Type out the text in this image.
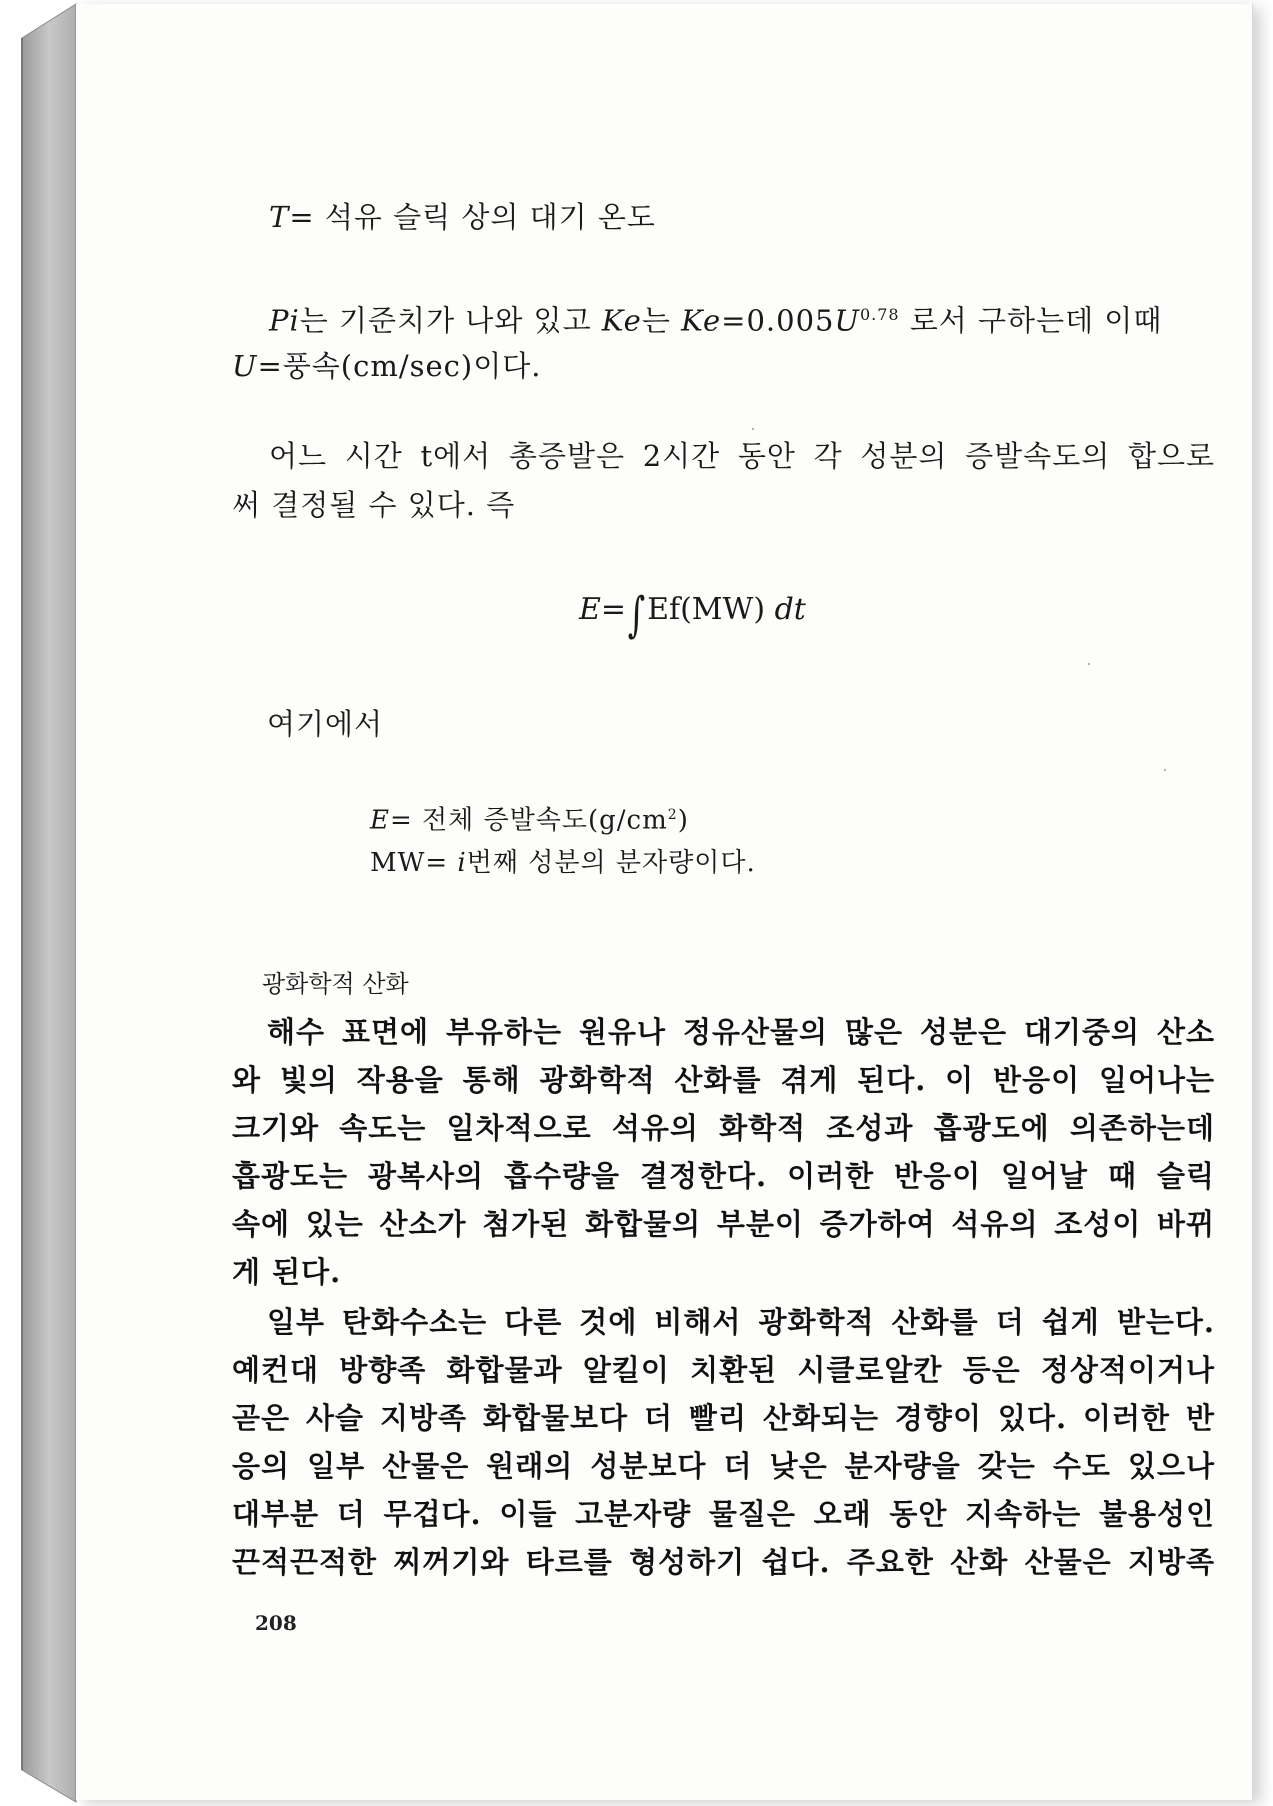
T= 석유 슬릭 상의 대기 온도
Pi는 기준치가 나와 있고 Ke는 $Ke=0.005U^{0.78}$ 로서 구하는데 이때
U=풍속(cm/sec)이다.
어느 시간 t에서 총증발은 2시간 동안 각 성분의 증발속도의 합으로
써 결정될 수 있다. 즉
E=∫Ef(MW) dt
여기에서
E= 전체 증발속도$(g/cm^2)$
MW= i번째 성분의 분자량이다.
광화학적 산화
해수 표면에 부유하는 원유나 정유산물의 많은 성분은 대기중의 산소
와 빛의 작용을 통해 광화학적 산화를 겪게 된다. 이 반응이 일어나는
크기와 속도는 일차적으로 석유의 화학적 조성과 흡광도에 의존하는데
흡광도는 광복사의 흡수량을 결정한다. 이러한 반응이 일어날 때 슬릭
속에 있는 산소가 첨가된 화합물의 부분이 증가하여 석유의 조성이 바뀌
게 된다.
일부 탄화수소는 다른 것에 비해서 광화학적 산화를 더 쉽게 받는다.
예컨대 방향족 화합물과 알킬이 치환된 시클로알칸 등은 정상적이거나
곧은 사슬 지방족 화합물보다 더 빨리 산화되는 경향이 있다. 이러한 반
응의 일부 산물은 원래의 성분보다 더 낮은 분자량을 갖는 수도 있으나
대부분 더 무겁다. 이들 고분자량 물질은 오래 동안 지속하는 불용성인
끈적끈적한 찌꺼기와 타르를 형성하기 쉽다. 주요한 산화 산물은 지방족
208
